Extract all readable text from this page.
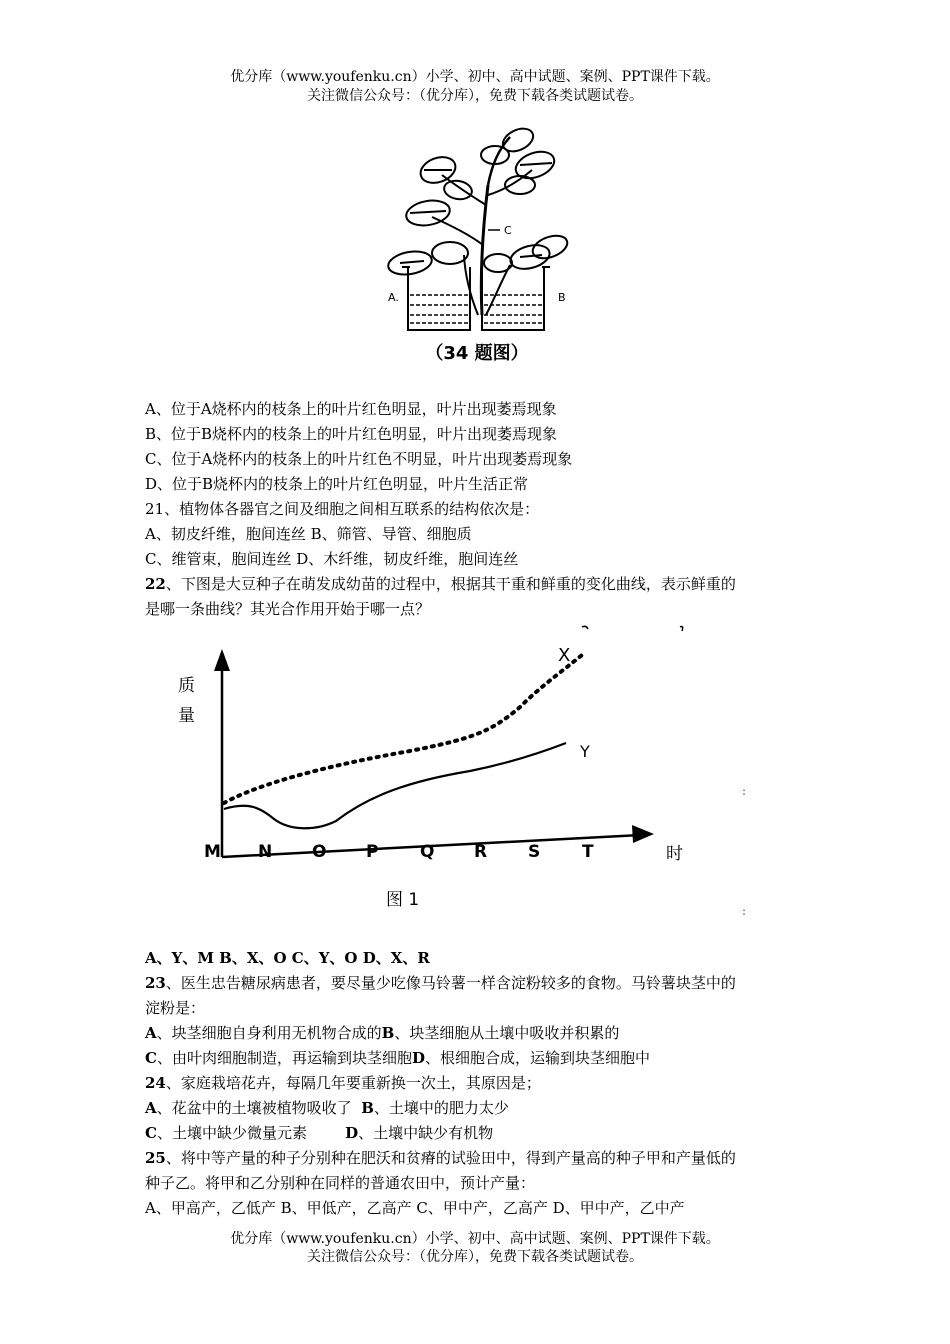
优分库（www.youfenku.cn）小学、初中、高中试题、案例、PPT课件下载。
关注微信公众号：（优分库），免费下载各类试题试卷。
C
A.	B
（34 题图）
A、位于A烧杯内的枝条上的叶片红色明显，叶片出现萎焉现象
B、位于B烧杯内的枝条上的叶片红色明显，叶片出现萎焉现象
C、位于A烧杯内的枝条上的叶片红色不明显，叶片出现萎焉现象
D、位于B烧杯内的枝条上的叶片红色明显，叶片生活正常
21、植物体各器官之间及细胞之间相互联系的结构依次是：
A、韧皮纤维，胞间连丝 B、筛管、导管、细胞质
C、维管束，胞间连丝 D、木纤维，韧皮纤维，胞间连丝
22、下图是大豆种子在萌发成幼苗的过程中，根据其干重和鲜重的变化曲线，表示鲜重的
是哪一条曲线？其光合作用开始于哪一点？
X
Y
质
量
M N O P Q R S T	时
图 1
:
:
A、Y、M B、X、O C、Y、O D、X、R
23、医生忠告糖尿病患者，要尽量少吃像马铃薯一样含淀粉较多的食物。马铃薯块茎中的
淀粉是：
A、块茎细胞自身利用无机物合成的B、块茎细胞从土壤中吸收并积累的
C、由叶肉细胞制造，再运输到块茎细胞D、根细胞合成，运输到块茎细胞中
24、家庭栽培花卉，每隔几年要重新换一次土，其原因是；
A、花盆中的土壤被植物吸收了  B、土壤中的肥力太少
C、土壤中缺少微量元素        D、土壤中缺少有机物
25、将中等产量的种子分别种在肥沃和贫瘠的试验田中，得到产量高的种子甲和产量低的
种子乙。将甲和乙分别种在同样的普通农田中，预计产量：
A、甲高产，乙低产 B、甲低产，乙高产 C、甲中产，乙高产 D、甲中产，乙中产
优分库（www.youfenku.cn）小学、初中、高中试题、案例、PPT课件下载。
关注微信公众号：（优分库），免费下载各类试题试卷。
